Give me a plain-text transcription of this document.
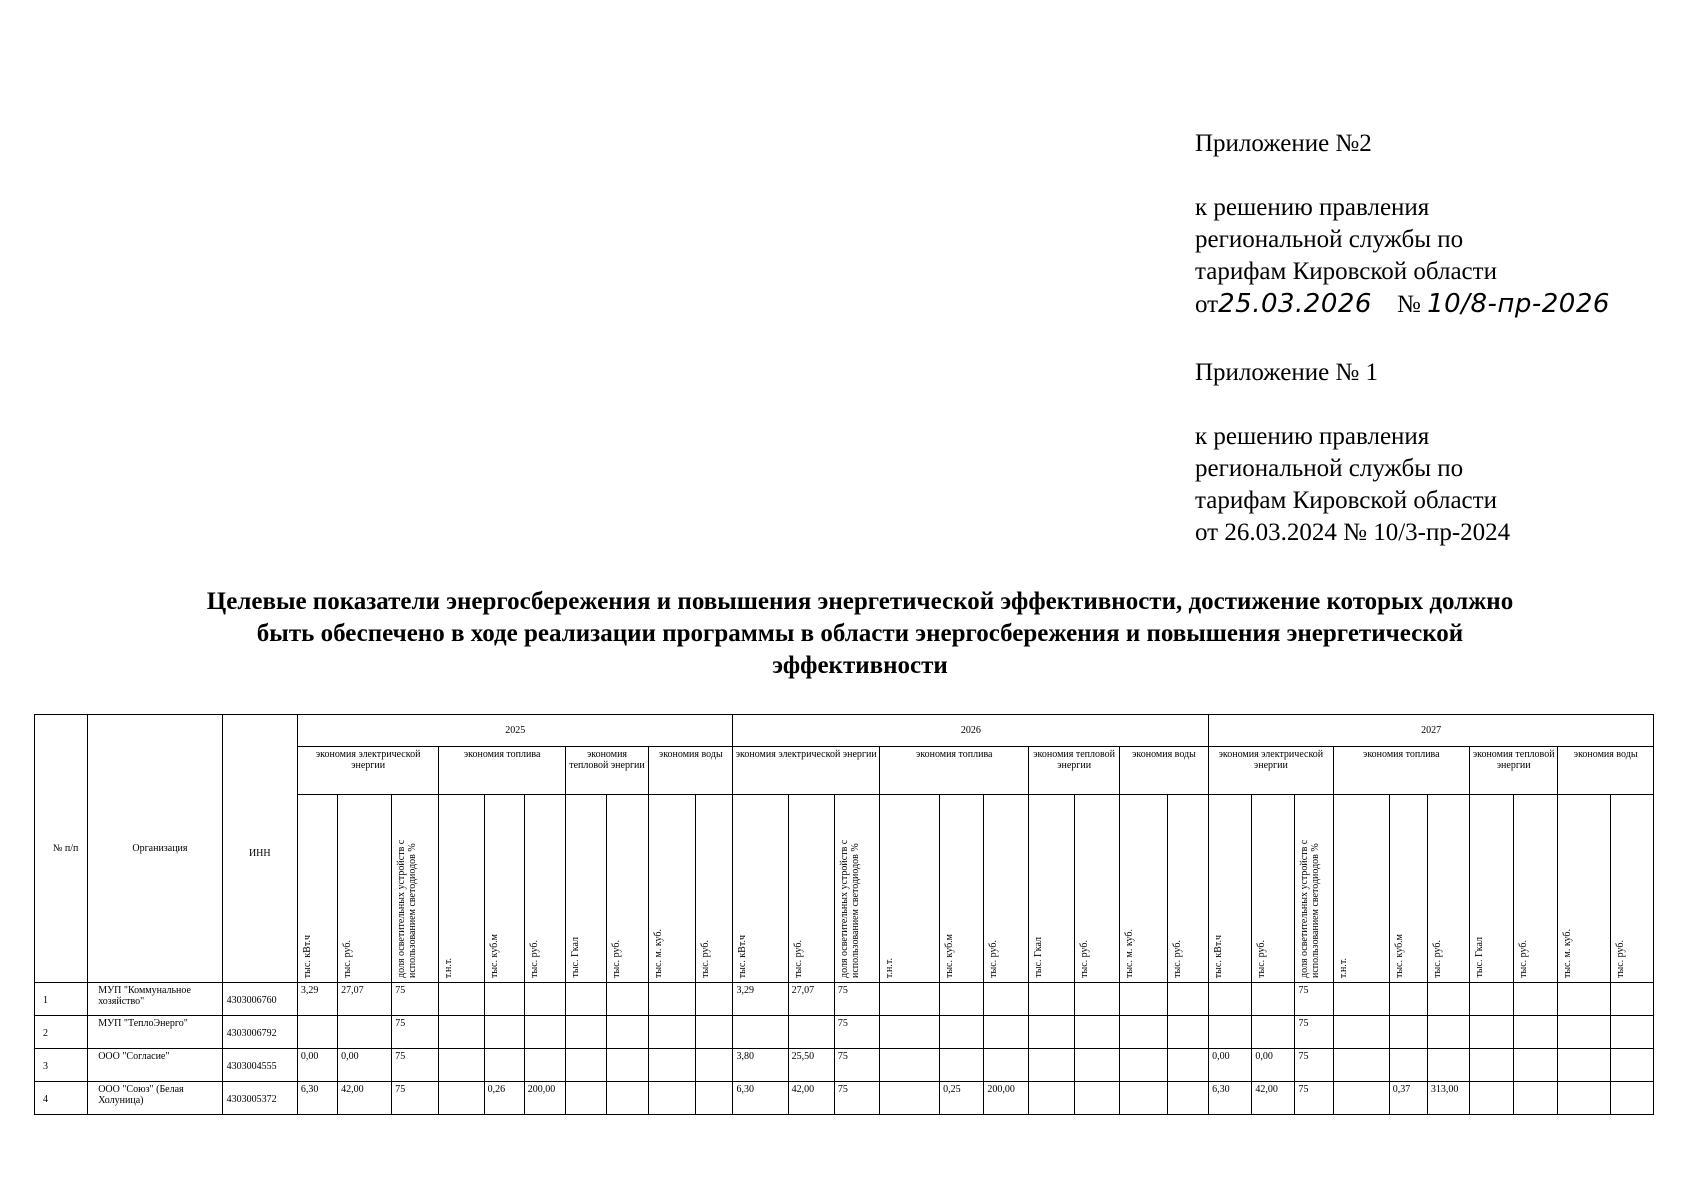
Приложение №2

к решению правления

региональной службы по

тарифам Кировской области

от25.03.2026 № 10/8-пр-2026

Приложение № 1

к решению правления

региональной службы по

тарифам Кировской области

от 26.03.2024 № 10/3-пр-2024

Целевые показатели энергосбережения и повышения энергетической эффективности, достижение которых должно
быть обеспечено в ходе реализации программы в области энергосбережения и повышения энергетической
эффективности
№ п/п	Организация	ИНН	2025										2026										2027									
			экономия электрической энергии			экономия топлива			экономия тепловой энергии		экономия воды		экономия электрической энергии			экономия топлива			экономия тепловой энергии		экономия воды		экономия электрической энергии			экономия топлива			экономия тепловой энергии		экономия воды	

			тыс. кВт.ч	тыс. руб.	доля осветительных устройств с использованием светодиодов %	т.н.т.	тыс. куб.м	тыс. руб.	тыс. Гкал	тыс. руб.	тыс. м. куб.	тыс. руб.	тыс. кВт.ч	тыс. руб.	доля осветительных устройств с использованием светодиодов %	т.н.т.	тыс. куб.м	тыс. руб.	тыс. Гкал	тыс. руб.	тыс. м. куб.	тыс. руб.	тыс. кВт.ч	тыс. руб.	доля осветительных устройств с использованием светодиодов %	т.н.т.	тыс. куб.м	тыс. руб.	тыс. Гкал	тыс. руб.	тыс. м. куб.	тыс. руб.

1	МУП "Коммунальное хозяйство"	4303006760	3,29	27,07	75								3,29	27,07	75										75							
2	МУП "ТеплоЭнерго"	4303006792			75										75										75							
3	ООО "Согласие"	4303004555	0,00	0,00	75								3,80	25,50	75								0,00	0,00	75							
4	ООО "Союз" (Белая Холуница)	4303005372	6,30	42,00	75		0,26	200,00					6,30	42,00	75		0,25	200,00					6,30	42,00	75		0,37	313,00				
